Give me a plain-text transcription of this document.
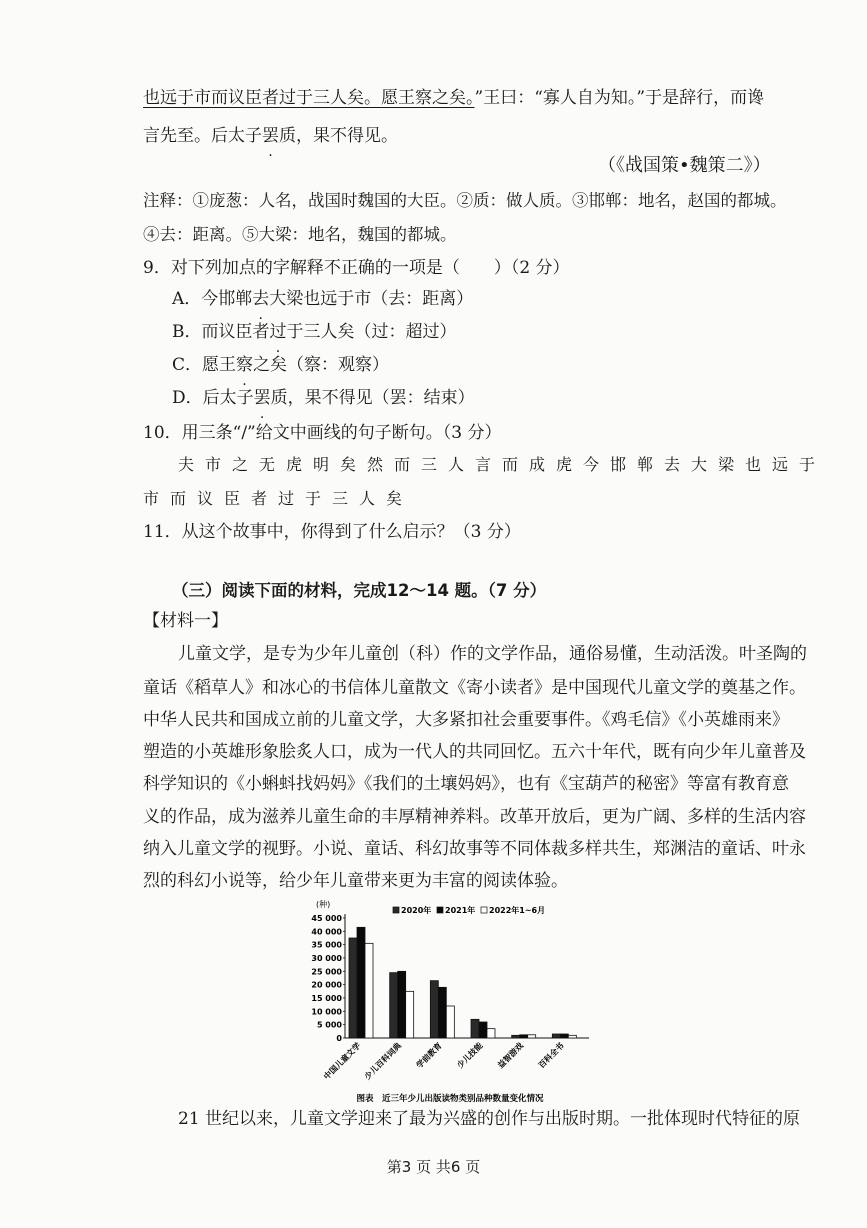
也远于市而议臣者过于三人矣。愿王察之矣。”王曰：“寡人自为知。”于是辞行，而谗
言先至。后太子罢质，果不得见。
（《战国策•魏策二》）
注释：①庞葱：人名，战国时魏国的大臣。②质：做人质。③邯郸：地名，赵国的都城。
④去：距离。⑤大梁：地名，魏国的都城。
9．对下列加点的字解释不正确的一项是（　　）（2 分）
A．今邯郸去大梁也远于市（去：距离）
B．而议臣者过于三人矣（过：超过）
C．愿王察之矣（察：观察）
D．后太子罢质，果不得见（罢：结束）
10．用三条“/”给文中画线的句子断句。（3 分）
夫市之无虎明矣然而三人言而成虎今邯郸去大梁也远于
市而议臣者过于三人矣
11．从这个故事中，你得到了什么启示？（3 分）
（三）阅读下面的材料，完成12～14 题。（7 分）
【材料一】
儿童文学，是专为少年儿童创（科）作的文学作品，通俗易懂，生动活泼。叶圣陶的
童话《稻草人》和冰心的书信体儿童散文《寄小读者》是中国现代儿童文学的奠基之作。
中华人民共和国成立前的儿童文学，大多紧扣社会重要事件。《鸡毛信》《小英雄雨来》
塑造的小英雄形象脍炙人口，成为一代人的共同回忆。五六十年代，既有向少年儿童普及
科学知识的《小蝌蚪找妈妈》《我们的土壤妈妈》，也有《宝葫芦的秘密》等富有教育意
义的作品，成为滋养儿童生命的丰厚精神养料。改革开放后，更为广阔、多样的生活内容
纳入儿童文学的视野。小说、童话、科幻故事等不同体裁多样共生，郑渊洁的童话、叶永
烈的科幻小说等，给少年儿童带来更为丰富的阅读体验。
(种)
45 000
40 000
35 000
30 000
25 000
20 000
15 000
10 000
5 000
0
2020年 2021年 2022年1~6月
中国儿童文学 少儿百科词典 学前教育 少儿技能 益智游戏 百科全书
图表　近三年少儿出版读物类别品种数量变化情况
21 世纪以来，儿童文学迎来了最为兴盛的创作与出版时期。一批体现时代特征的原
第3 页 共6 页
